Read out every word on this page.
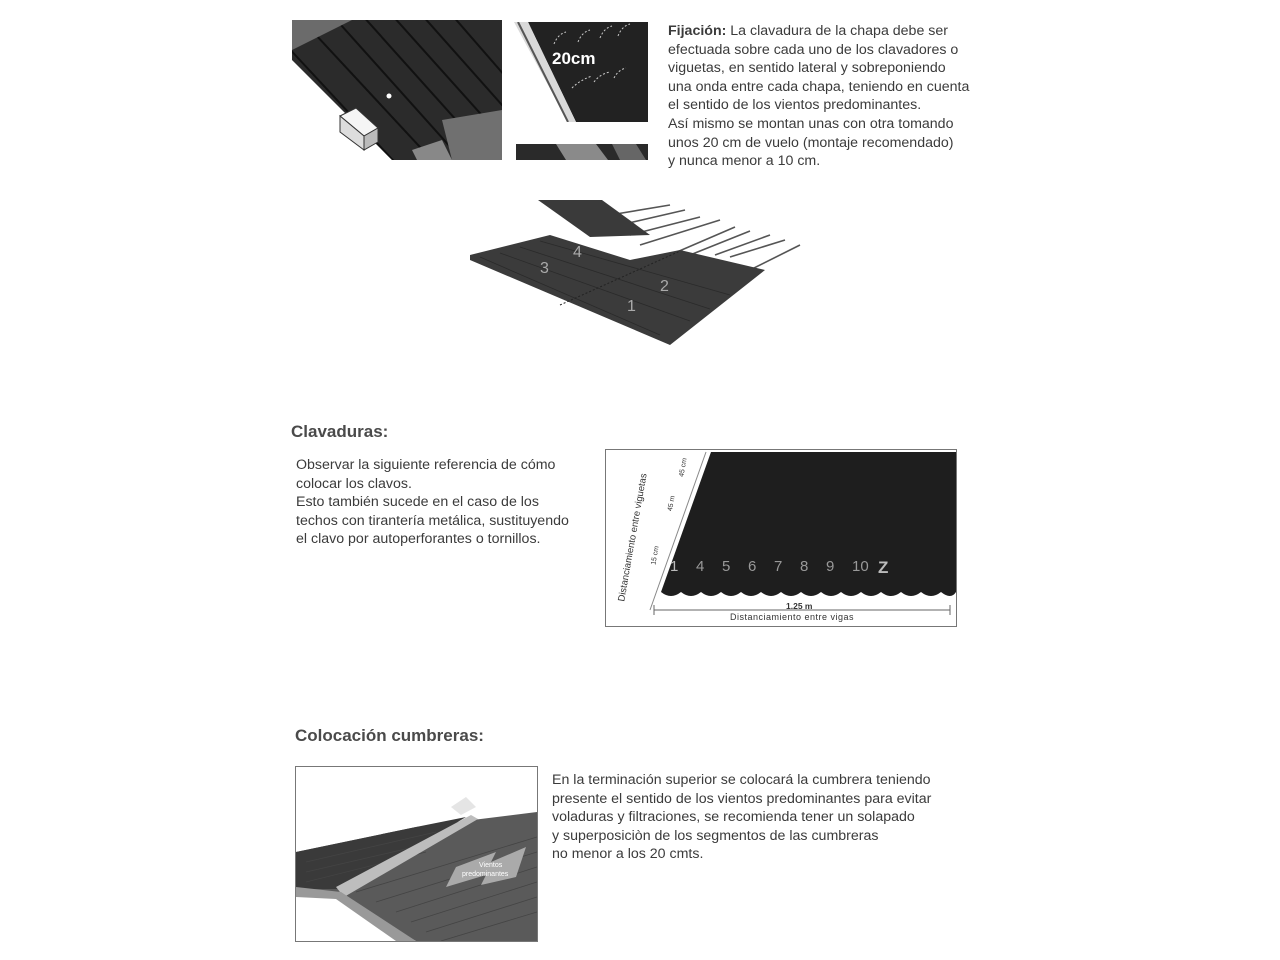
20cm
Fijación: La clavadura de la chapa debe ser
efectuada sobre cada uno de los clavadores o
viguetas, en sentido lateral y sobreponiendo
una onda entre cada chapa, teniendo en cuenta
el sentido de los vientos predominantes.
Así mismo se montan unas con otra tomando
unos 20 cm de vuelo (montaje recomendado)
y nunca menor a 10 cm.
3
4
2
1
Clavaduras:
Observar la siguiente referencia de cómo
colocar los clavos.
Esto también sucede en el caso de los
techos con tirantería metálica, sustituyendo
el clavo por autoperforantes o tornillos.	Distanciamiento entre viguetas
45 cm
45 m
15 cm
1	4	5	6	7	8	9	10 Z
1.25 m
Distanciamiento entre vigas
Colocación cumbreras:
Vientos
predominantes
En la terminación superior se colocará la cumbrera teniendo
presente el sentido de los vientos predominantes para evitar
voladuras y filtraciones, se recomienda tener un solapado
y superposiciòn de los segmentos de las cumbreras
no menor a los 20 cmts.
